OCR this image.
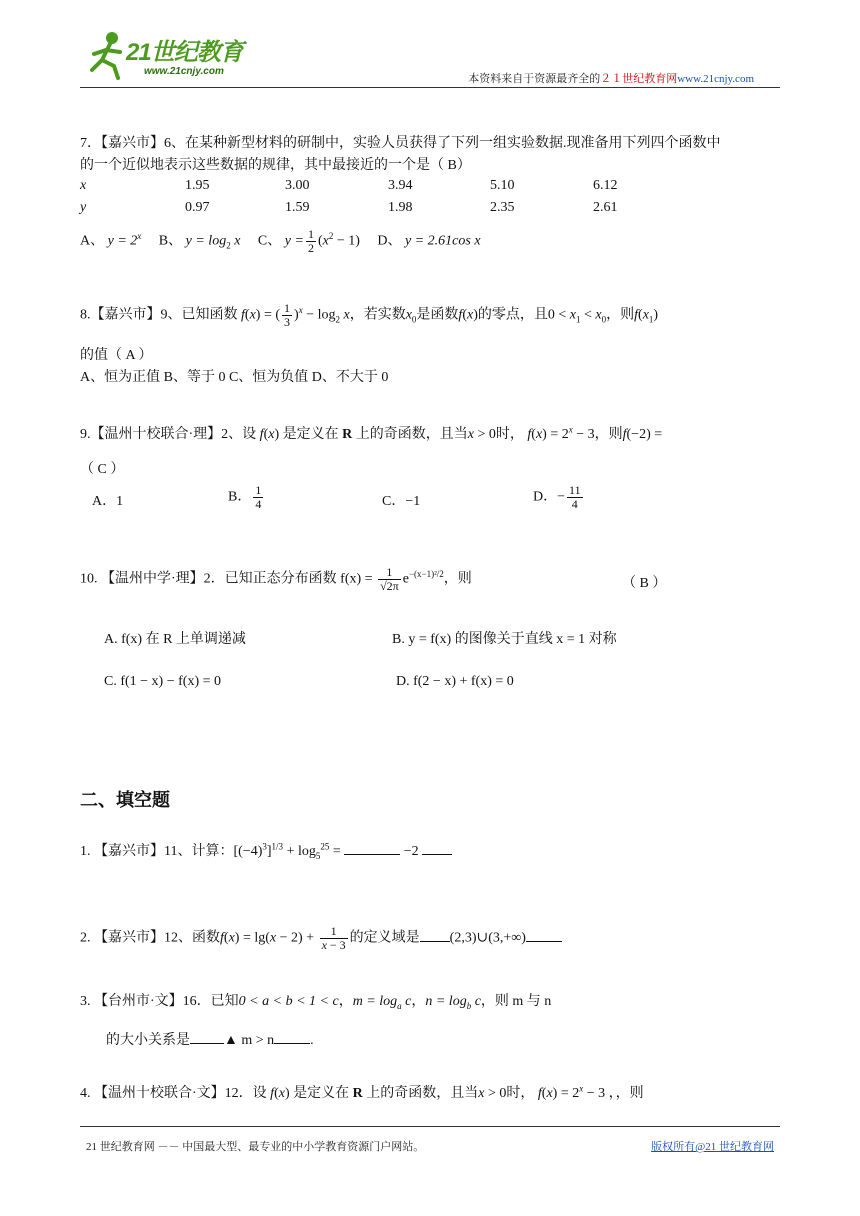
21世纪教育
www.21cnjy.com
本资料来自于资源最齐全的２１世纪教育网www.21cnjy.com
7．【嘉兴市】6、在某种新型材料的研制中，实验人员获得了下列一组实验数据.现准备用下列四个函数中
的一个近似地表示这些数据的规律，其中最接近的一个是（ B）
x	1.95	3.00	3.94	5.10	6.12
y	0.97	1.59	1.98	2.35	2.61
A、 $y = 2^x$ B、 $y = \log_2 x$ C、 $y = \frac{1}{2} (x^2 - 1)$     D、 y = 2.61cos x
8.【嘉兴市】9、已知函数 f(x) = ( $\frac{1}{3} )^x - \log_2 x$，若实数$x_0$是函数f(x)的零点，且$0 < x_1 < x_0$，则$f(x_1)$
的值（ A ）
A、恒为正值 B、等于 0 C、恒为负值 D、不大于 0
9.【温州十校联合·理】2、设 f(x) 是定义在 R 上的奇函数，且当x > 0时， $f(x) = 2^x - 3$，则f(−2) =
（ C ）
A．1	B． $\frac{1}{4}$	C．−1	D．− $\frac{11}{4}$
10. 【温州中学·理】2．已知正态分布函数 $f(x) = \frac{1}{√2\pi} e^{-(x-1)^2/2}$，则	（ B ）
A. f(x) 在 R 上单调递减	B. y = f(x) 的图像关于直线 x = 1 对称
C. f(1 − x) − f(x) = 0	D. f(2 − x) + f(x) = 0
二、填空题
1. 【嘉兴市】11、计算：$[(-4)^3]^{1/3} + \log_5^{25}$ =	−2
2. 【嘉兴市】12、函数$f(x) = \lg(x - 2) + \frac{1}{x - 3}$ 的定义域是 (2,3)∪(3,+∞)
3. 【台州市·文】16．已知0 < a < b < 1 < c，$m = \log_a c$，$n = \log_b c$，则 m 与 n
的大小关系是 ▲ m > n	.
4. 【温州十校联合·文】12．设 f(x) 是定义在 R 上的奇函数，且当x > 0时， $f(x) = 2^x - 3$ ，，则
21 世纪教育网 －－ 中国最大型、最专业的中小学教育资源门户网站。	版权所有@21 世纪教育网
